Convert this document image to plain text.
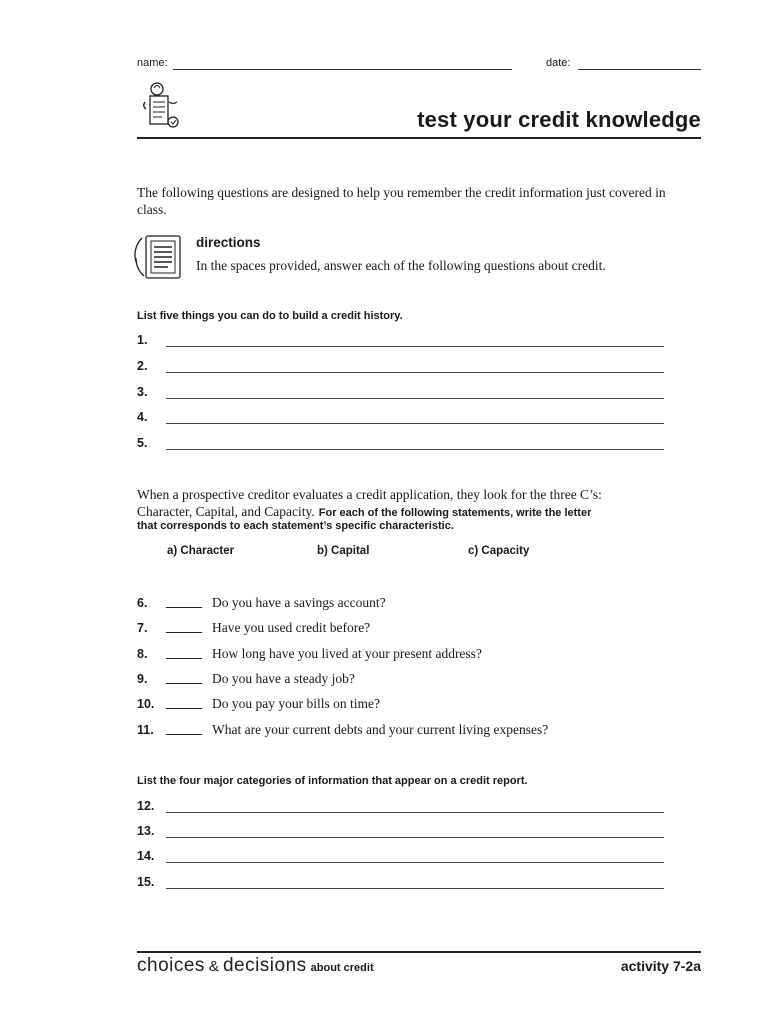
name:	date:
test your credit knowledge
The following questions are designed to help you remember the credit information just covered in class.
directions
In the spaces provided, answer each of the following questions about credit.
List five things you can do to build a credit history.
1.
2.
3.
4.
5.
When a prospective creditor evaluates a credit application, they look for the three C’s:
Character, Capital, and Capacity. For each of the following statements, write the letter
that corresponds to each statement’s specific characteristic.
a) Character	b) Capital	c) Capacity
6.	Do you have a savings account?
7.	Have you used credit before?
8.	How long have you lived at your present address?
9.	Do you have a steady job?
10.	Do you pay your bills on time?
11.	What are your current debts and your current living expenses?
List the four major categories of information that appear on a credit report.
12.
13.
14.
15.
choices & decisions about credit	activity 7-2a
